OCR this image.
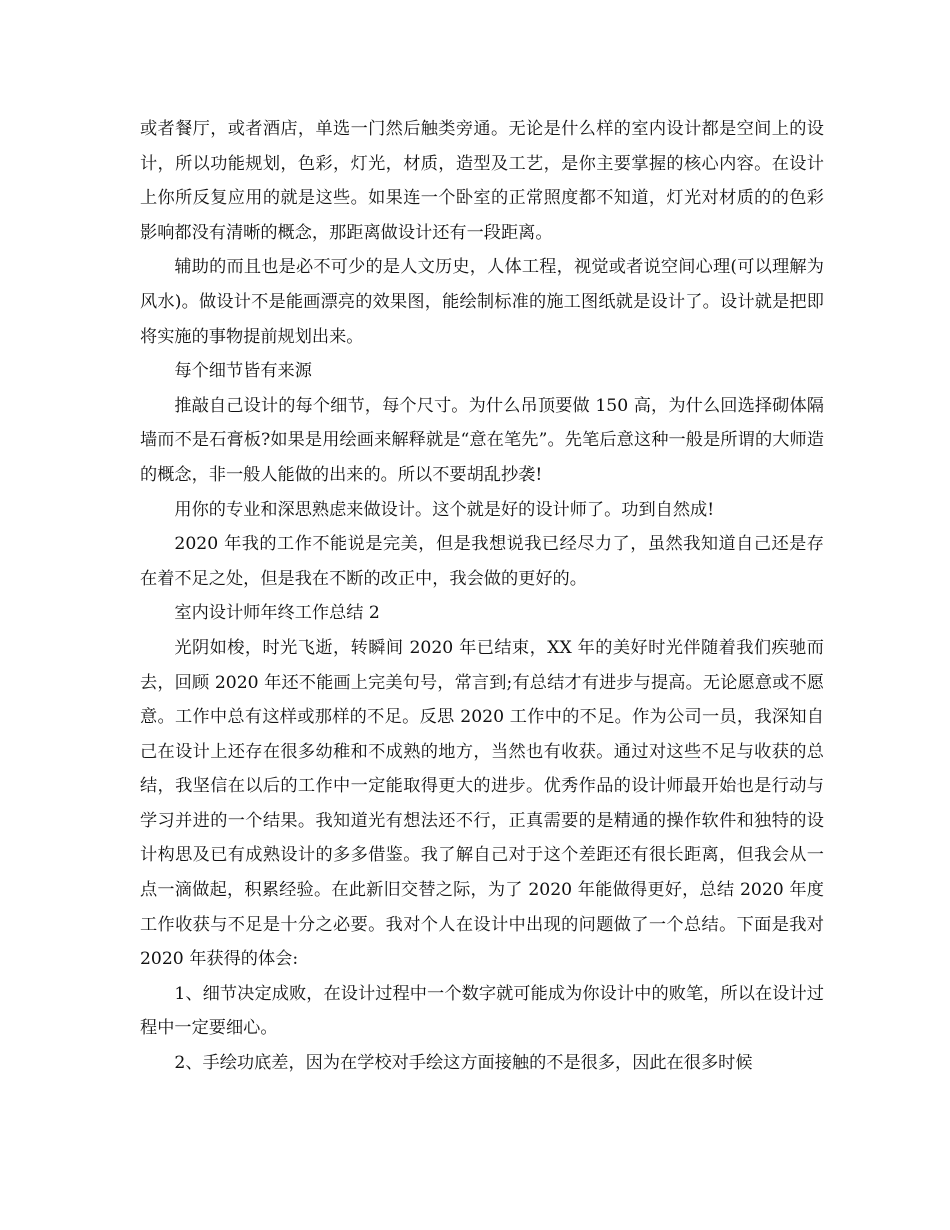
或者餐厅，或者酒店，单选一门然后触类旁通。无论是什么样的室内设计都是空间上的设计，所以功能规划，色彩，灯光，材质，造型及工艺，是你主要掌握的核心内容。在设计上你所反复应用的就是这些。如果连一个卧室的正常照度都不知道，灯光对材质的的色彩影响都没有清晰的概念，那距离做设计还有一段距离。

辅助的而且也是必不可少的是人文历史，人体工程，视觉或者说空间心理(可以理解为风水)。做设计不是能画漂亮的效果图，能绘制标准的施工图纸就是设计了。设计就是把即将实施的事物提前规划出来。

每个细节皆有来源

推敲自己设计的每个细节，每个尺寸。为什么吊顶要做 150 高，为什么回选择砌体隔墙而不是石膏板?如果是用绘画来解释就是“意在笔先”。先笔后意这种一般是所谓的大师造的概念，非一般人能做的出来的。所以不要胡乱抄袭!

用你的专业和深思熟虑来做设计。这个就是好的设计师了。功到自然成!

2020 年我的工作不能说是完美，但是我想说我已经尽力了，虽然我知道自己还是存在着不足之处，但是我在不断的改正中，我会做的更好的。

室内设计师年终工作总结 2

光阴如梭，时光飞逝，转瞬间 2020 年已结束，XX 年的美好时光伴随着我们疾驰而去，回顾 2020 年还不能画上完美句号，常言到;有总结才有进步与提高。无论愿意或不愿意。工作中总有这样或那样的不足。反思 2020 工作中的不足。作为公司一员，我深知自己在设计上还存在很多幼稚和不成熟的地方，当然也有收获。通过对这些不足与收获的总结，我坚信在以后的工作中一定能取得更大的进步。优秀作品的设计师最开始也是行动与学习并进的一个结果。我知道光有想法还不行，正真需要的是精通的操作软件和独特的设计构思及已有成熟设计的多多借鉴。我了解自己对于这个差距还有很长距离，但我会从一点一滴做起，积累经验。在此新旧交替之际，为了 2020 年能做得更好，总结 2020 年度工作收获与不足是十分之必要。我对个人在设计中出现的问题做了一个总结。下面是我对 2020 年获得的体会:

1、细节决定成败，在设计过程中一个数字就可能成为你设计中的败笔，所以在设计过程中一定要细心。

2、手绘功底差，因为在学校对手绘这方面接触的不是很多，因此在很多时候
